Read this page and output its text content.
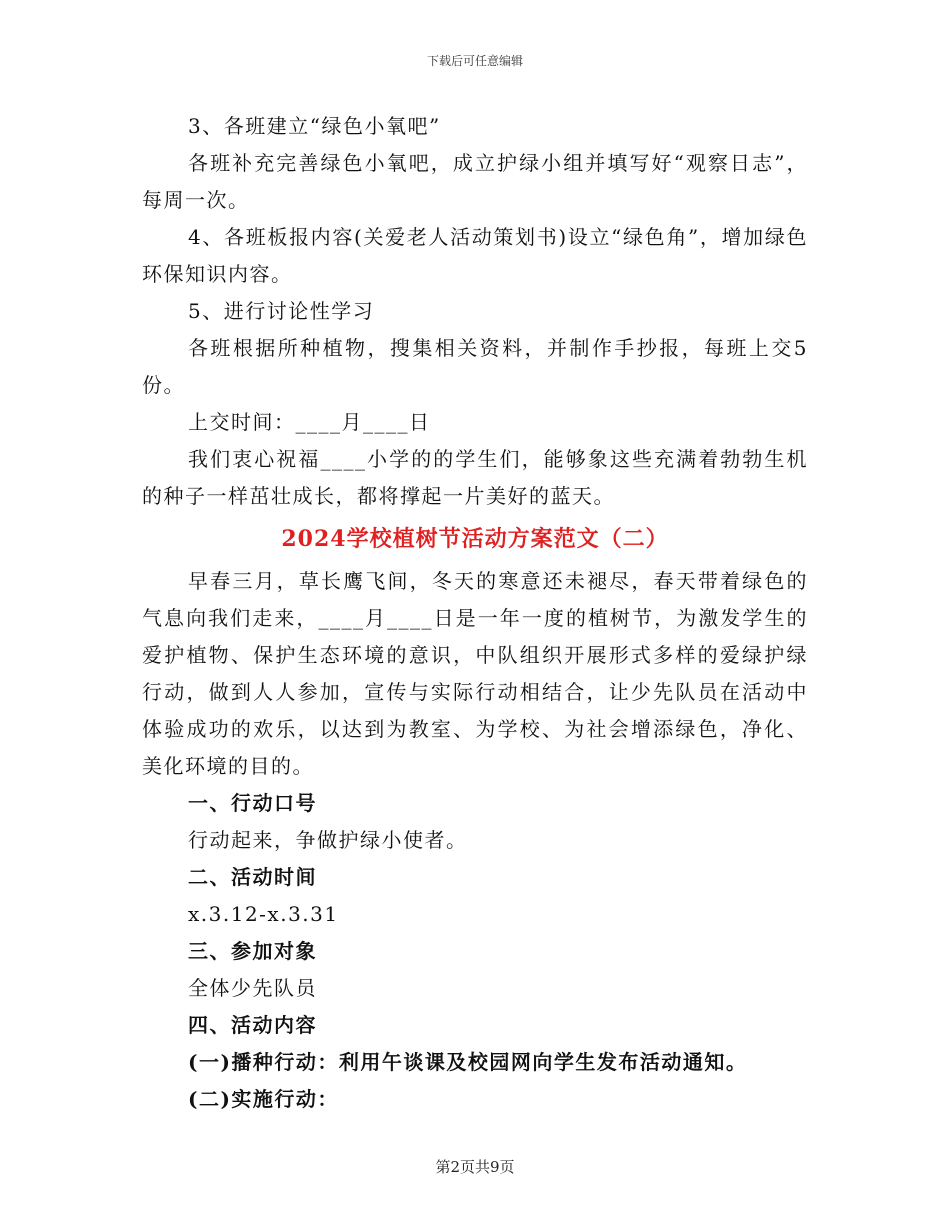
下载后可任意编辑

3、各班建立“绿色小氧吧”

各班补充完善绿色小氧吧，成立护绿小组并填写好“观察日志”，每周一次。

4、各班板报内容(关爱老人活动策划书)设立“绿色角”，增加绿色环保知识内容。

5、进行讨论性学习

各班根据所种植物，搜集相关资料，并制作手抄报，每班上交5份。

上交时间：____月____日

我们衷心祝福____小学的的学生们，能够象这些充满着勃勃生机的种子一样茁壮成长，都将撑起一片美好的蓝天。

2024学校植树节活动方案范文（二）

早春三月，草长鹰飞间，冬天的寒意还未褪尽，春天带着绿色的气息向我们走来，____月____日是一年一度的植树节，为激发学生的爱护植物、保护生态环境的意识，中队组织开展形式多样的爱绿护绿行动，做到人人参加，宣传与实际行动相结合，让少先队员在活动中体验成功的欢乐，以达到为教室、为学校、为社会增添绿色，净化、美化环境的目的。

一、行动口号

行动起来，争做护绿小使者。

二、活动时间

x.3.12-x.3.31

三、参加对象

全体少先队员

四、活动内容

(一)播种行动：利用午谈课及校园网向学生发布活动通知。

(二)实施行动：

第2页共9页
